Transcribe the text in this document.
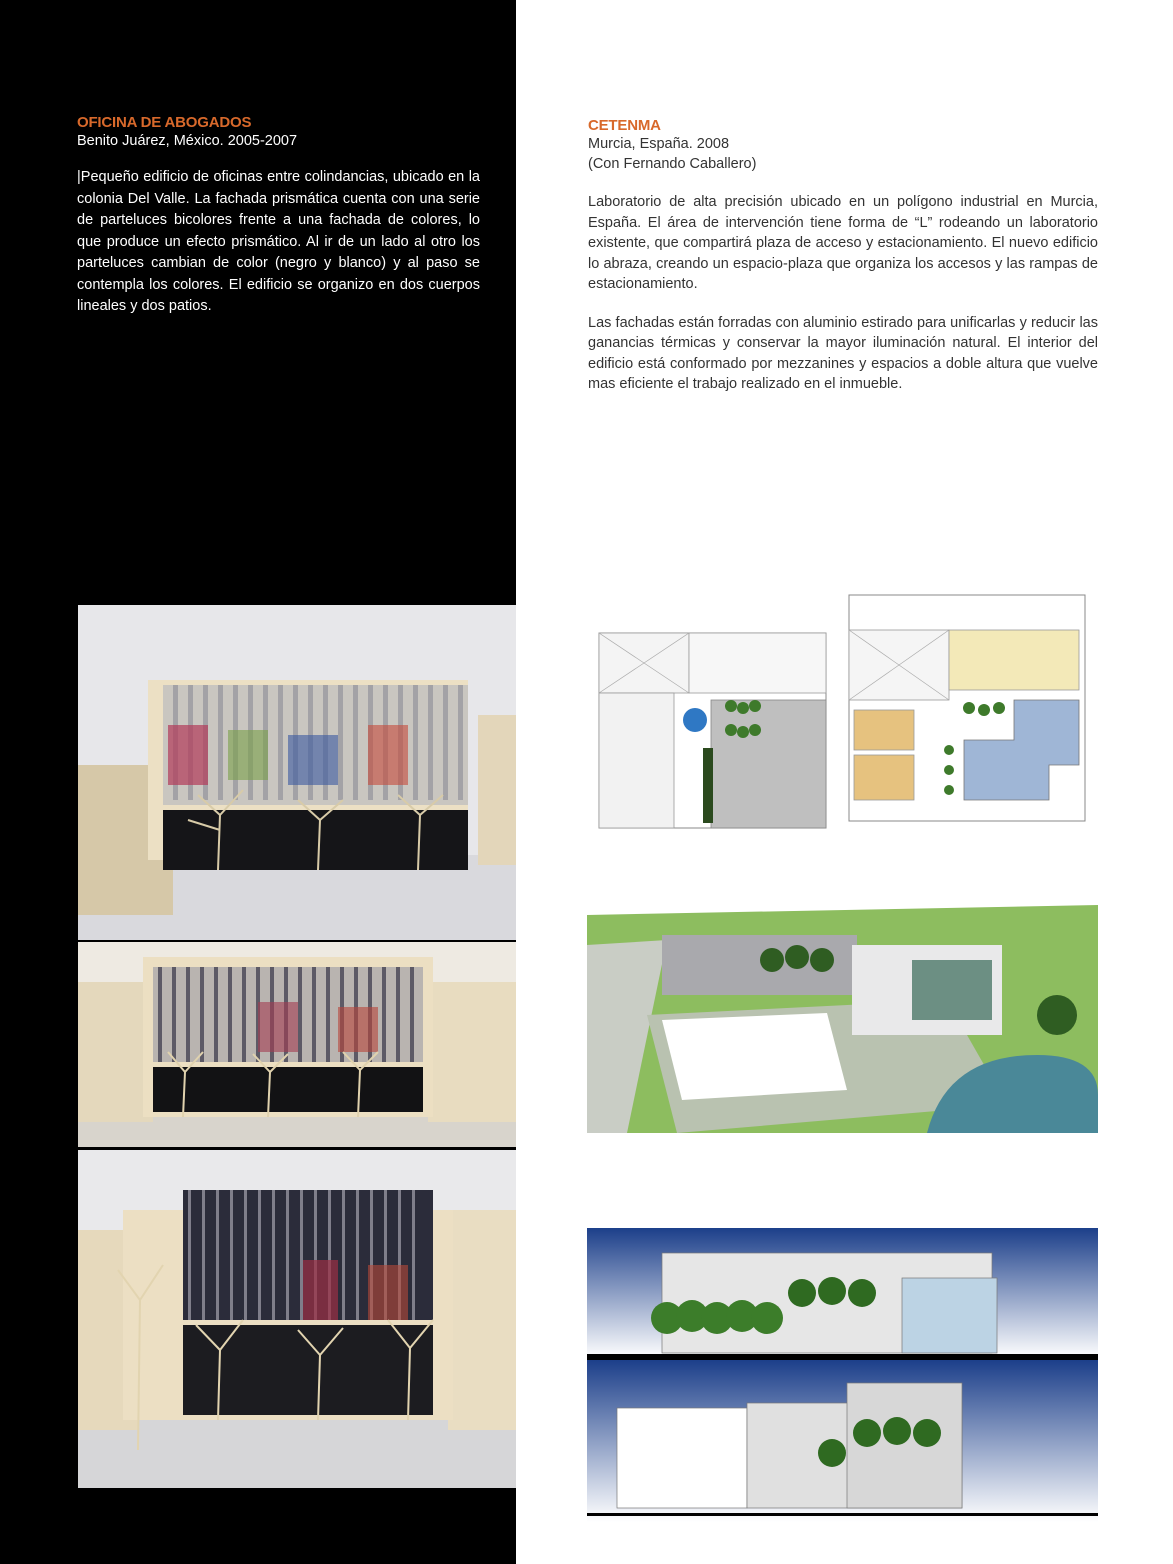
OFICINA DE ABOGADOS
Benito Juárez, México. 2005-2007
|Pequeño edificio de oficinas entre colindancias, ubicado en la colonia Del Valle. La fachada prismática cuenta con una serie de parteluces bicolores frente a una fachada de colores, lo que produce un efecto prismático. Al ir de un lado al otro los parteluces cambian de color (negro y blanco) y al paso se contempla los colores. El edificio se organizo en dos cuerpos lineales y dos patios.
CETENMA
Murcia, España. 2008
(Con Fernando Caballero)
Laboratorio de alta precisión ubicado en un polígono industrial en Murcia, España. El área de intervención tiene forma de “L” rodeando un laboratorio existente, que compartirá plaza de acceso y estacionamiento. El nuevo edificio lo abraza, creando un espacio-plaza que organiza los accesos y las rampas de estacionamiento.
Las fachadas están forradas con aluminio estirado para unificarlas y reducir las ganancias térmicas y conservar la mayor iluminación natural. El interior del edificio está conformado por mezzanines y espacios a doble altura que vuelve mas eficiente el trabajo realizado en el inmueble.
